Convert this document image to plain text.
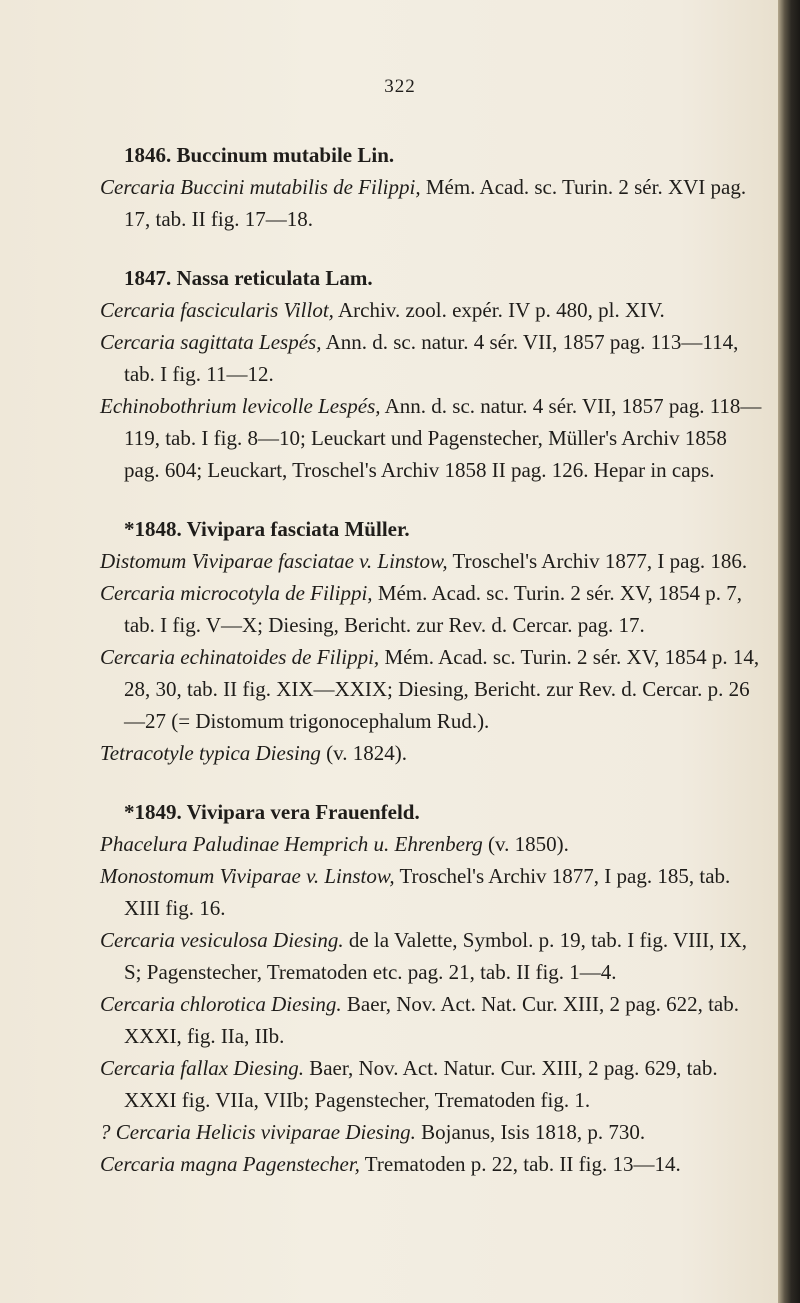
322
1846. Buccinum mutabile Lin.
Cercaria Buccini mutabilis de Filippi, Mém. Acad. sc. Turin. 2 sér. XVI pag. 17, tab. II fig. 17—18.
1847. Nassa reticulata Lam.
Cercaria fascicularis Villot, Archiv. zool. expér. IV p. 480, pl. XIV.
Cercaria sagittata Lespés, Ann. d. sc. natur. 4 sér. VII, 1857 pag. 113—114, tab. I fig. 11—12.
Echinobothrium levicolle Lespés, Ann. d. sc. natur. 4 sér. VII, 1857 pag. 118—119, tab. I fig. 8—10; Leuckart und Pagenstecher, Müller's Archiv 1858 pag. 604; Leuckart, Troschel's Archiv 1858 II pag. 126. Hepar in caps.
*1848. Vivipara fasciata Müller.
Distomum Viviparae fasciatae v. Linstow, Troschel's Archiv 1877, I pag. 186.
Cercaria microcotyla de Filippi, Mém. Acad. sc. Turin. 2 sér. XV, 1854 p. 7, tab. I fig. V—X; Diesing, Bericht. zur Rev. d. Cercar. pag. 17.
Cercaria echinatoides de Filippi, Mém. Acad. sc. Turin. 2 sér. XV, 1854 p. 14, 28, 30, tab. II fig. XIX—XXIX; Diesing, Bericht. zur Rev. d. Cercar. p. 26—27 (= Distomum trigonocephalum Rud.).
Tetracotyle typica Diesing (v. 1824).
*1849. Vivipara vera Frauenfeld.
Phacelura Paludinae Hemprich u. Ehrenberg (v. 1850).
Monostomum Viviparae v. Linstow, Troschel's Archiv 1877, I pag. 185, tab. XIII fig. 16.
Cercaria vesiculosa Diesing. de la Valette, Symbol. p. 19, tab. I fig. VIII, IX, S; Pagenstecher, Trematoden etc. pag. 21, tab. II fig. 1—4.
Cercaria chlorotica Diesing. Baer, Nov. Act. Nat. Cur. XIII, 2 pag. 622, tab. XXXI, fig. IIa, IIb.
Cercaria fallax Diesing. Baer, Nov. Act. Natur. Cur. XIII, 2 pag. 629, tab. XXXI fig. VIIa, VIIb; Pagenstecher, Trematoden fig. 1.
? Cercaria Helicis viviparae Diesing. Bojanus, Isis 1818, p. 730.
Cercaria magna Pagenstecher, Trematoden p. 22, tab. II fig. 13—14.
